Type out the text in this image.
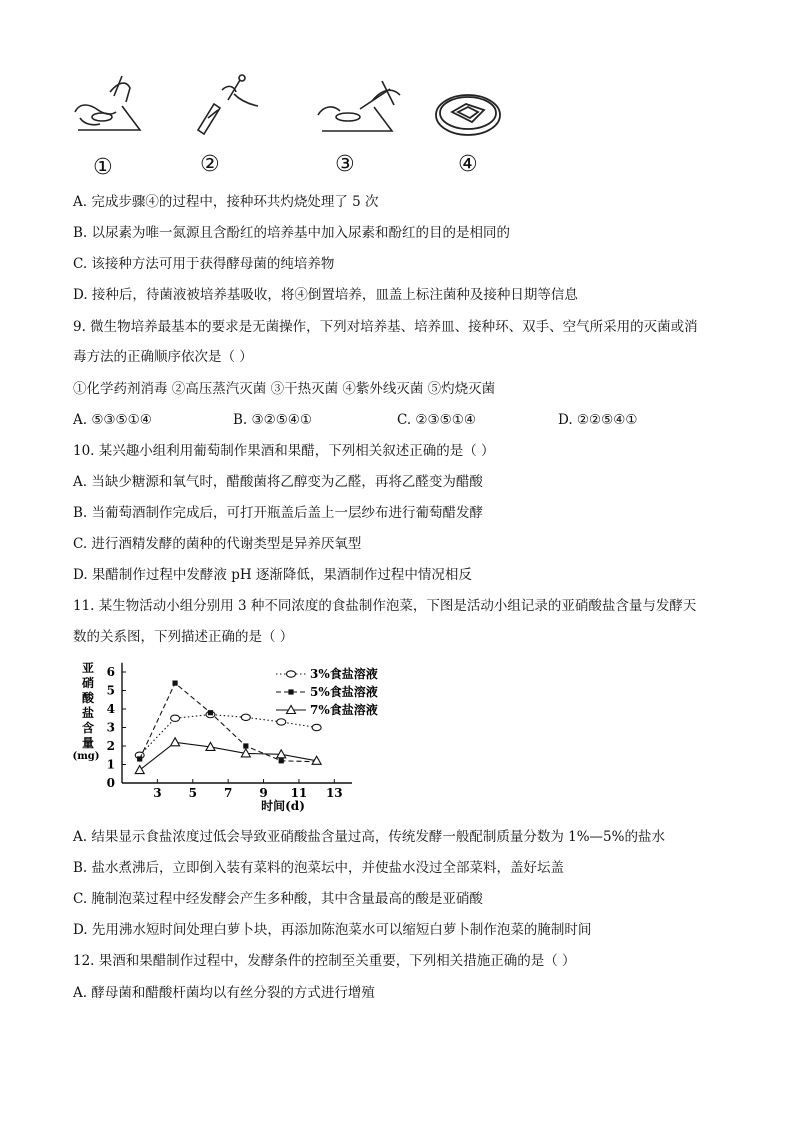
①	②	③	④
A. 完成步骤④的过程中，接种环共灼烧处理了 5 次
B. 以尿素为唯一氮源且含酚红的培养基中加入尿素和酚红的目的是相同的
C. 该接种方法可用于获得酵母菌的纯培养物
D. 接种后，待菌液被培养基吸收，将④倒置培养，皿盖上标注菌种及接种日期等信息
9. 微生物培养最基本的要求是无菌操作，下列对培养基、培养皿、接种环、双手、空气所采用的灭菌或消
毒方法的正确顺序依次是（ ）
①化学药剂消毒 ②高压蒸汽灭菌 ③干热灭菌 ④紫外线灭菌 ⑤灼烧灭菌
A. ⑤③⑤①④	B. ③②⑤④①	C. ②③⑤①④	D. ②②⑤④①
10. 某兴趣小组利用葡萄制作果酒和果醋，下列相关叙述正确的是（ ）
A. 当缺少糖源和氧气时，醋酸菌将乙醇变为乙醛，再将乙醛变为醋酸
B. 当葡萄酒制作完成后，可打开瓶盖后盖上一层纱布进行葡萄醋发酵
C. 进行酒精发酵的菌种的代谢类型是异养厌氧型
D. 果醋制作过程中发酵液 pH 逐渐降低，果酒制作过程中情况相反
11. 某生物活动小组分别用 3 种不同浓度的食盐制作泡菜，下图是活动小组记录的亚硝酸盐含量与发酵天
数的关系图，下列描述正确的是（ ）
亚
硝
酸
盐
含
量
(mg)
时间(d)
0
1
2
3
4
5
6
3 5 7 9 11 13
3%食盐溶液
5%食盐溶液
7%食盐溶液
A. 结果显示食盐浓度过低会导致亚硝酸盐含量过高，传统发酵一般配制质量分数为 1%—5%的盐水
B. 盐水煮沸后，立即倒入装有菜料的泡菜坛中，并使盐水没过全部菜料，盖好坛盖
C. 腌制泡菜过程中经发酵会产生多种酸，其中含量最高的酸是亚硝酸
D. 先用沸水短时间处理白萝卜块，再添加陈泡菜水可以缩短白萝卜制作泡菜的腌制时间
12. 果酒和果醋制作过程中，发酵条件的控制至关重要，下列相关措施正确的是（ ）
A. 酵母菌和醋酸杆菌均以有丝分裂的方式进行增殖
